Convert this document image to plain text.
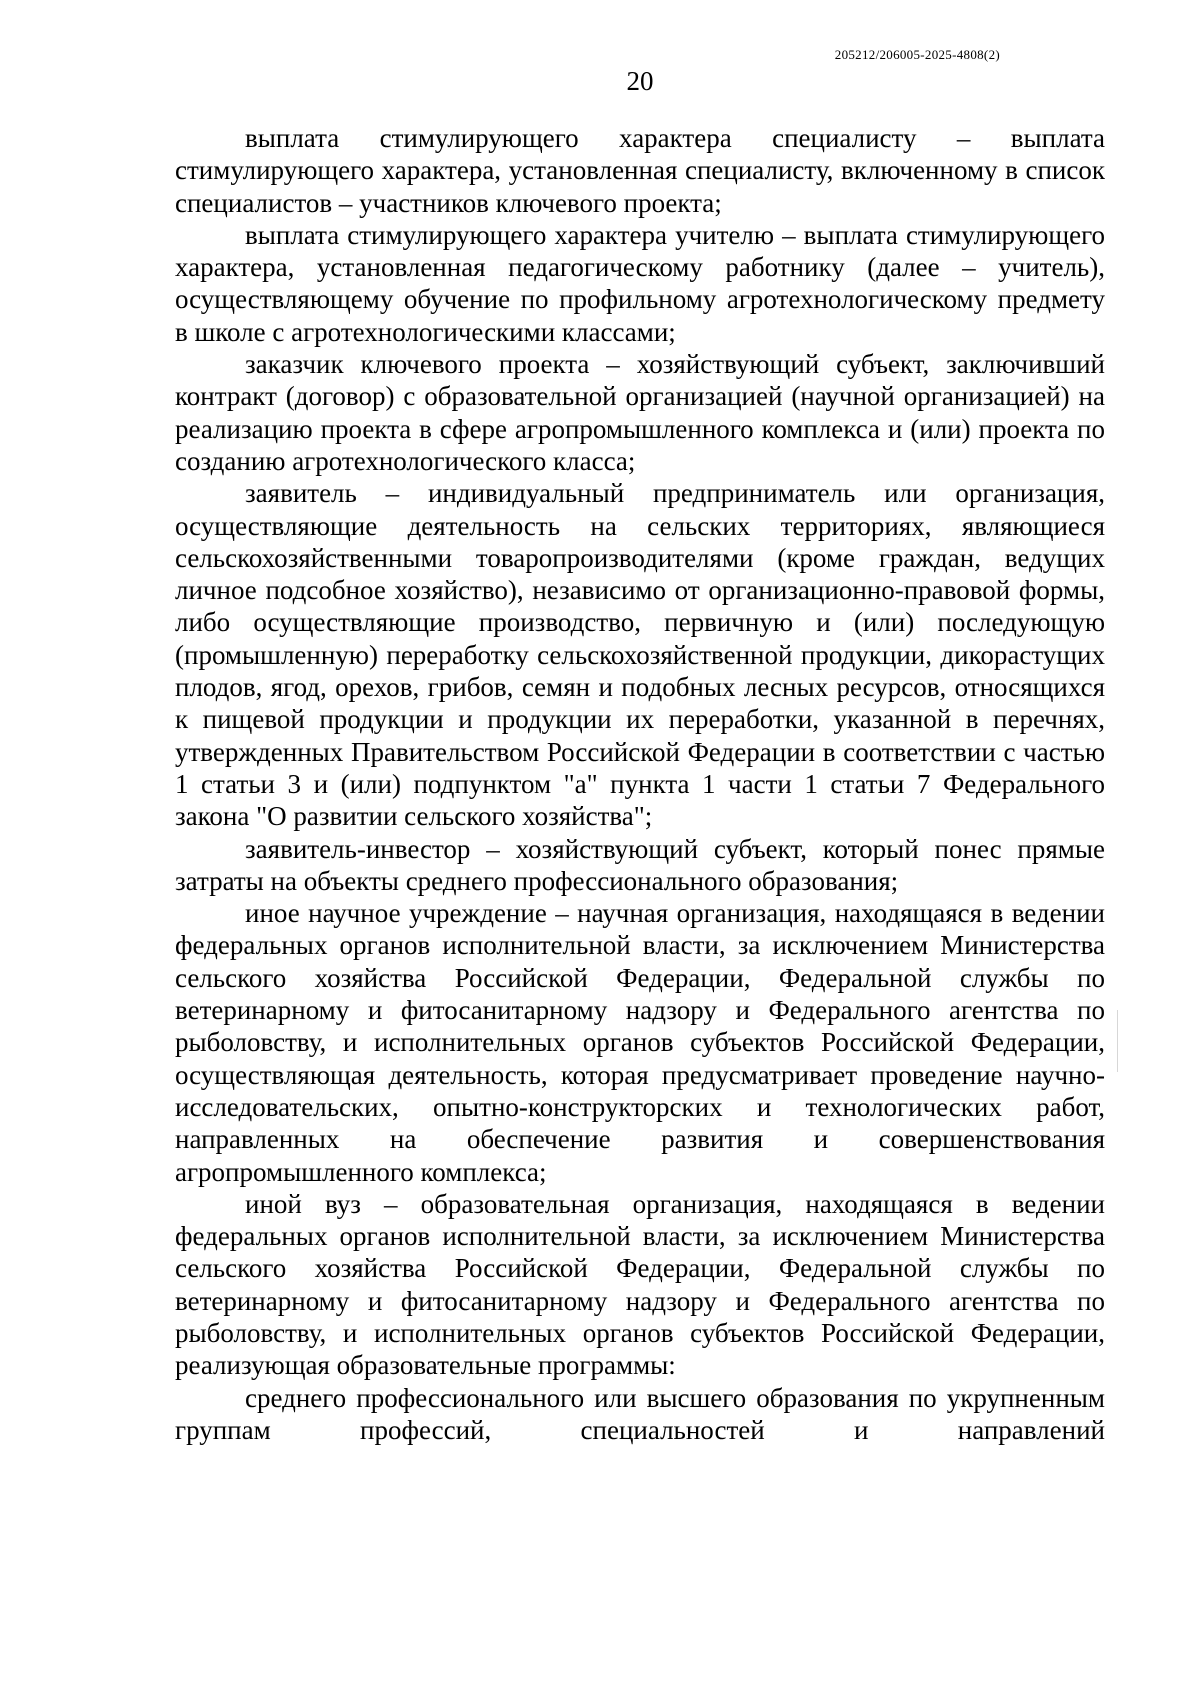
205212/206005-2025-4808(2)
20

выплата стимулирующего характера специалисту – выплата стимулирующего характера, установленная специалисту, включенному в список специалистов – участников ключевого проекта;

выплата стимулирующего характера учителю – выплата стимулирующего характера, установленная педагогическому работнику (далее – учитель), осуществляющему обучение по профильному агротехнологическому предмету в школе с агротехнологическими классами;

заказчик ключевого проекта – хозяйствующий субъект, заключивший контракт (договор) с образовательной организацией (научной организацией) на реализацию проекта в сфере агропромышленного комплекса и (или) проекта по созданию агротехнологического класса;

заявитель – индивидуальный предприниматель или организация, осуществляющие деятельность на сельских территориях, являющиеся сельскохозяйственными товаропроизводителями (кроме граждан, ведущих личное подсобное хозяйство), независимо от организационно-правовой формы, либо осуществляющие производство, первичную и (или) последующую (промышленную) переработку сельскохозяйственной продукции, дикорастущих плодов, ягод, орехов, грибов, семян и подобных лесных ресурсов, относящихся к пищевой продукции и продукции их переработки, указанной в перечнях, утвержденных Правительством Российской Федерации в соответствии с частью 1 статьи 3 и (или) подпунктом "а" пункта 1 части 1 статьи 7 Федерального закона "О развитии сельского хозяйства";

заявитель-инвестор – хозяйствующий субъект, который понес прямые затраты на объекты среднего профессионального образования;

иное научное учреждение – научная организация, находящаяся в ведении федеральных органов исполнительной власти, за исключением Министерства сельского хозяйства Российской Федерации, Федеральной службы по ветеринарному и фитосанитарному надзору и Федерального агентства по рыболовству, и исполнительных органов субъектов Российской Федерации, осуществляющая деятельность, которая предусматривает проведение научно-исследовательских, опытно-конструкторских и технологических работ, направленных на обеспечение развития и совершенствования агропромышленного комплекса;

иной вуз – образовательная организация, находящаяся в ведении федеральных органов исполнительной власти, за исключением Министерства сельского хозяйства Российской Федерации, Федеральной службы по ветеринарному и фитосанитарному надзору и Федерального агентства по рыболовству, и исполнительных органов субъектов Российской Федерации, реализующая образовательные программы:

среднего профессионального или высшего образования по укрупненным группам профессий, специальностей и направлений
